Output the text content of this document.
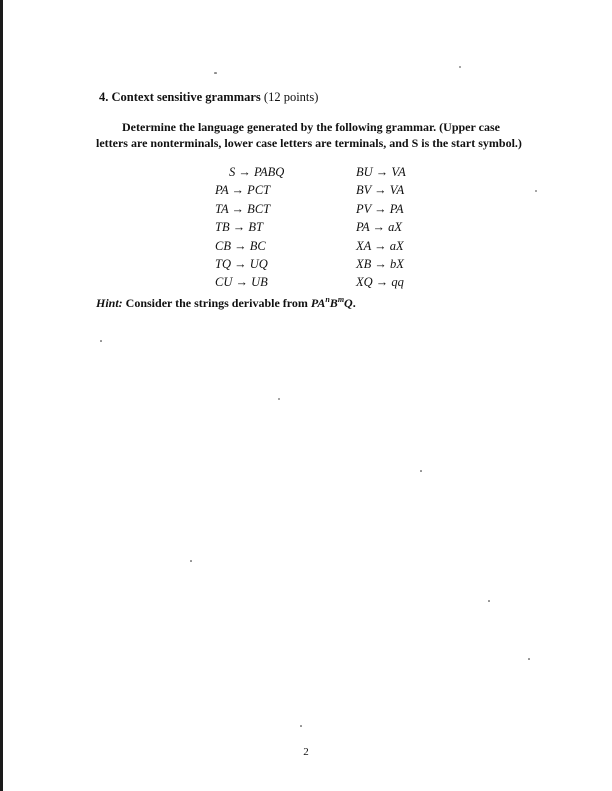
4. Context sensitive grammars (12 points)
Determine the language generated by the following grammar. (Upper case
letters are nonterminals, lower case letters are terminals, and S is the start symbol.)
S → PABQ
PA → PCT
TA → BCT
TB → BT
CB → BC
TQ → UQ
CU → UB
BU → VA
BV → VA
PV → PA
PA → aX
XA → aX
XB → bX
XQ → qq
Hint: Consider the strings derivable from $PA^nB^mQ$.
2
